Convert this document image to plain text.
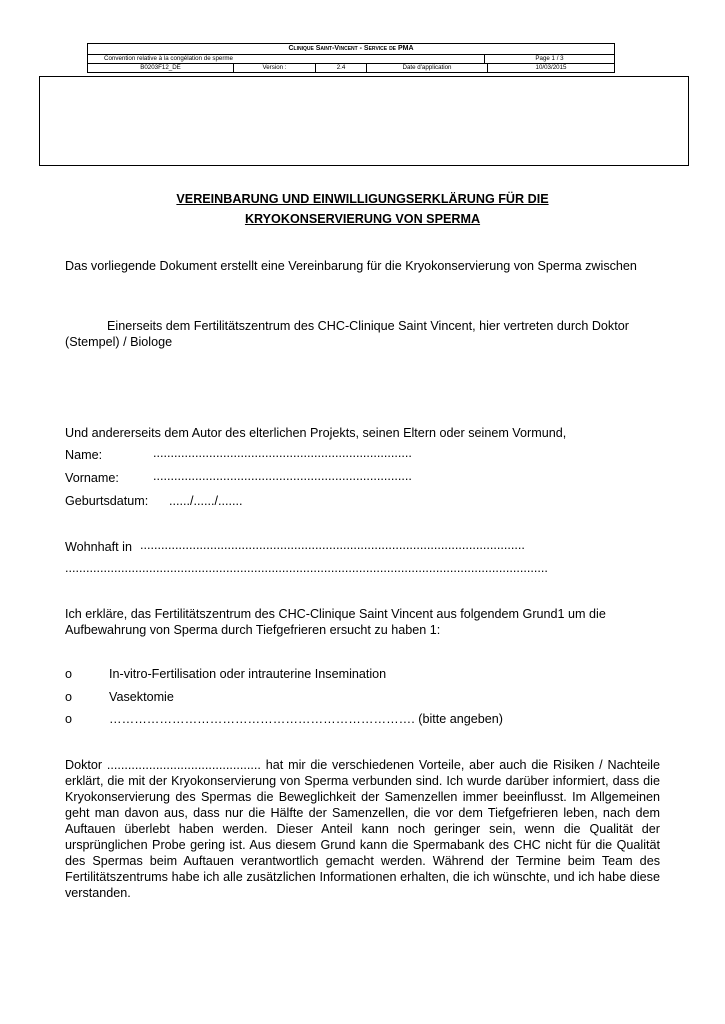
Clinique Saint-Vincent - Service de PMA
Convention relative à la congélation de sperme	Page 1 / 3
B0203F12_DE	Version :	2.4	Date d'application	10/03/2015
VEREINBARUNG UND EINWILLIGUNGSERKLÄRUNG FÜR DIE
KRYOKONSERVIERUNG VON SPERMA
Das vorliegende Dokument erstellt eine Vereinbarung für die Kryokonservierung von Sperma zwischen
Einerseits dem Fertilitätszentrum des CHC-Clinique Saint Vincent, hier vertreten durch Doktor (Stempel) / Biologe
Und andererseits dem Autor des elterlichen Projekts, seinen Eltern oder seinem Vormund,
Name:	..........................................................................
Vorname:	..........................................................................
Geburtsdatum: ....../....../.......
Wohnhaft in ..............................................................................................................
..........................................................................................................................................
Ich erkläre, das Fertilitätszentrum des CHC-Clinique Saint Vincent aus folgendem Grund1 um die Aufbewahrung von Sperma durch Tiefgefrieren ersucht zu haben 1:
o	In-vitro-Fertilisation oder intrauterine Insemination
o	Vasektomie
o	………………………………………………………………. (bitte angeben)
Doktor ............................................ hat mir die verschiedenen Vorteile, aber auch die Risiken / Nachteile erklärt, die mit der Kryokonservierung von Sperma verbunden sind. Ich wurde darüber informiert, dass die Kryokonservierung des Spermas die Beweglichkeit der Samenzellen immer beeinflusst. Im Allgemeinen geht man davon aus, dass nur die Hälfte der Samenzellen, die vor dem Tiefgefrieren leben, nach dem Auftauen überlebt haben werden. Dieser Anteil kann noch geringer sein, wenn die Qualität der ursprünglichen Probe gering ist. Aus diesem Grund kann die Spermabank des CHC nicht für die Qualität des Spermas beim Auftauen verantwortlich gemacht werden. Während der Termine beim Team des Fertilitätszentrums habe ich alle zusätzlichen Informationen erhalten, die ich wünschte, und ich habe diese verstanden.
